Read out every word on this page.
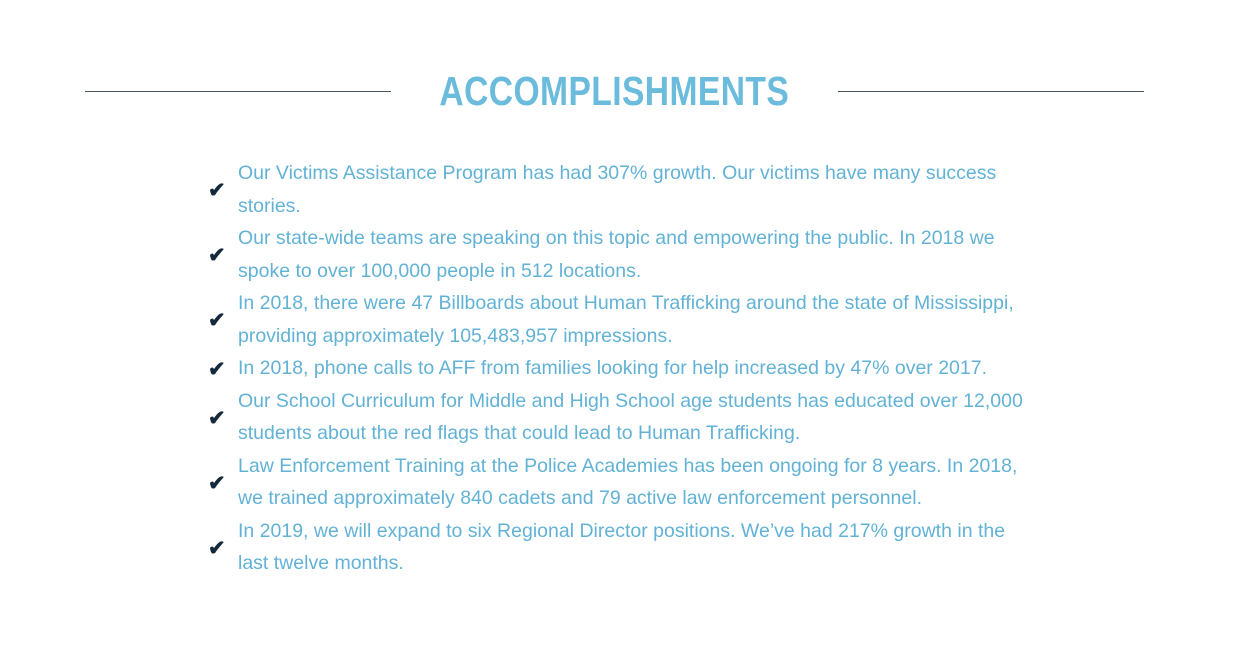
ACCOMPLISHMENTS
✔
Our Victims Assistance Program has had 307% growth. Our victims have many success stories.
✔
Our state-wide teams are speaking on this topic and empowering the public. In 2018 we spoke to over 100,000 people in 512 locations.
✔
In 2018, there were 47 Billboards about Human Trafficking around the state of Mississippi, providing approximately 105,483,957 impressions.
✔ In 2018, phone calls to AFF from families looking for help increased by 47% over 2017.
✔
Our School Curriculum for Middle and High School age students has educated over 12,000 students about the red flags that could lead to Human Trafficking.
✔
Law Enforcement Training at the Police Academies has been ongoing for 8 years. In 2018, we trained approximately 840 cadets and 79 active law enforcement personnel.
✔
In 2019, we will expand to six Regional Director positions. We’ve had 217% growth in the last twelve months.
